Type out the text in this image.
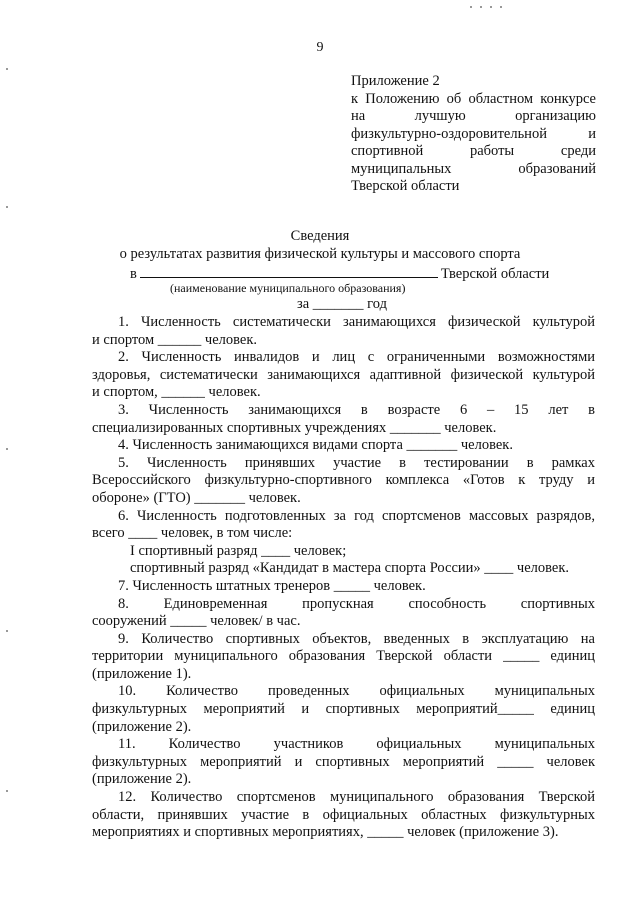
9
Приложение 2
к Положению об областном конкурсе
на лучшую организацию
физкультурно-оздоровительной и
спортивной работы среди
муниципальных образований
Тверской области
Сведения
о результатах развития физической культуры и массового спорта
в	Тверской области
(наименование муниципального образования)
за _______ год
1. Численность систематически занимающихся физической культурой
и спортом ______ человек.
2. Численность инвалидов и лиц с ограниченными возможностями
здоровья, систематически занимающихся адаптивной физической культурой
и спортом, ______ человек.
3. Численность занимающихся в возрасте 6 – 15 лет в
специализированных спортивных учреждениях _______ человек.
4. Численность занимающихся видами спорта _______ человек.
5. Численность принявших участие в тестировании в рамках
Всероссийского физкультурно-спортивного комплекса «Готов к труду и
обороне» (ГТО) _______ человек.
6. Численность подготовленных за год спортсменов массовых разрядов,
всего ____ человек, в том числе:
I спортивный разряд ____ человек;
спортивный разряд «Кандидат в мастера спорта России» ____ человек.
7. Численность штатных тренеров _____ человек.
8. Единовременная пропускная способность спортивных
сооружений _____ человек/ в час.
9. Количество спортивных объектов, введенных в эксплуатацию на
территории муниципального образования Тверской области _____ единиц
(приложение 1).
10. Количество проведенных официальных муниципальных
физкультурных мероприятий и спортивных мероприятий_____ единиц
(приложение 2).
11. Количество участников официальных муниципальных
физкультурных мероприятий и спортивных мероприятий _____ человек
(приложение 2).
12. Количество спортсменов муниципального образования Тверской
области, принявших участие в официальных областных физкультурных
мероприятиях и спортивных мероприятиях, _____ человек (приложение 3).
